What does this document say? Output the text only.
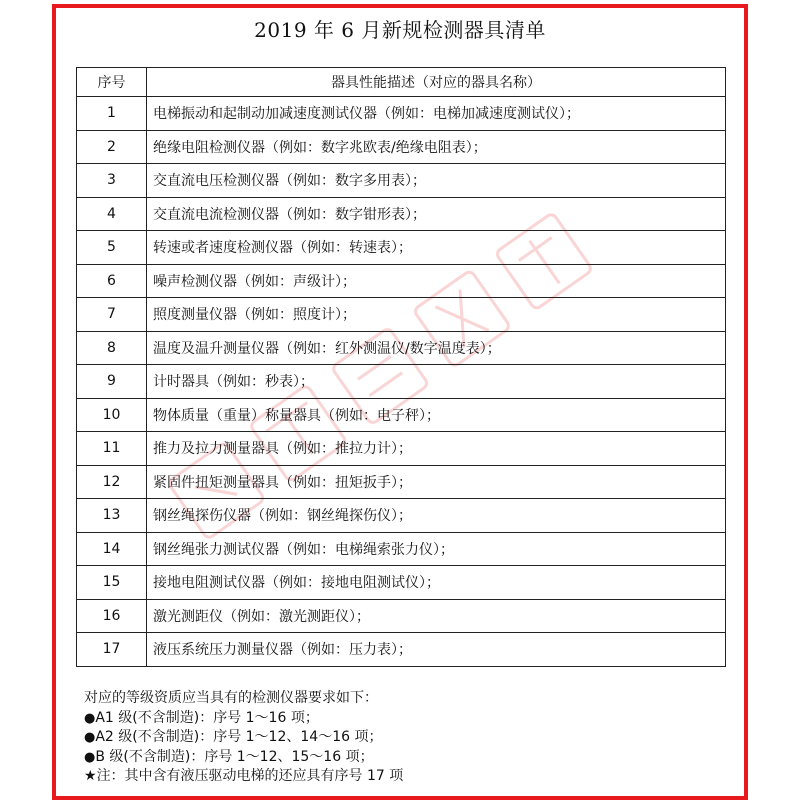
2019 年 6 月新规检测器具清单
序号	器具性能描述（对应的器具名称）
1	电梯振动和起制动加减速度测试仪器（例如：电梯加减速度测试仪）；
2	绝缘电阻检测仪器（例如：数字兆欧表/绝缘电阻表）；
3	交直流电压检测仪器（例如：数字多用表）；
4	交直流电流检测仪器（例如：数字钳形表）；
5	转速或者速度检测仪器（例如：转速表）；
6	噪声检测仪器（例如：声级计）；
7	照度测量仪器（例如：照度计）；
8	温度及温升测量仪器（例如：红外测温仪/数字温度表）；
9	计时器具（例如：秒表）；
10	物体质量（重量）称量器具（例如：电子秤）；
11	推力及拉力测量器具（例如：推拉力计）；
12	紧固件扭矩测量器具（例如：扭矩扳手）；
13	钢丝绳探伤仪器（例如：钢丝绳探伤仪）；
14	钢丝绳张力测试仪器（例如：电梯绳索张力仪）；
15	接地电阻测试仪器（例如：接地电阻测试仪）；
16	激光测距仪（例如：激光测距仪）；
17	液压系统压力测量仪器（例如：压力表）；
对应的等级资质应当具有的检测仪器要求如下：
●A1 级(不含制造)：序号 1～16 项；
●A2 级(不含制造)：序号 1～12、14～16 项；
●B 级(不含制造)：序号 1～12、15～16 项；
★注：其中含有液压驱动电梯的还应具有序号 17 项
